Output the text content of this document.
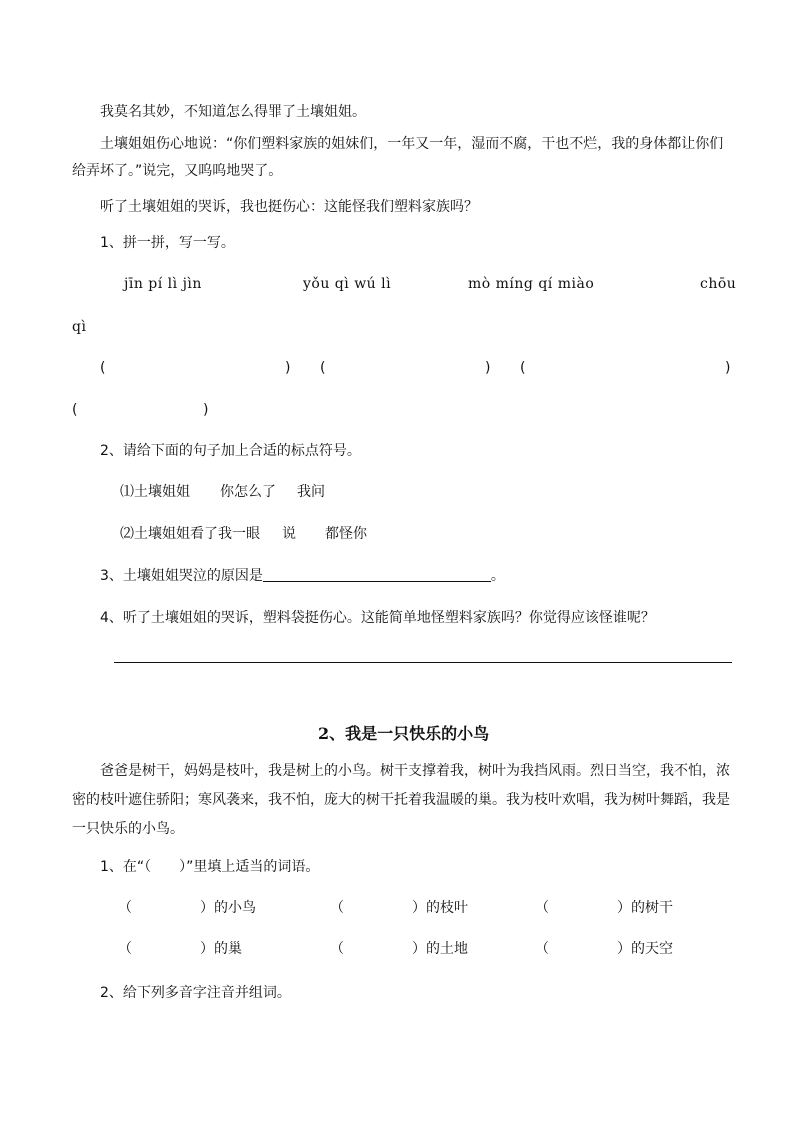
我莫名其妙，不知道怎么得罪了土壤姐姐。
土壤姐姐伤心地说：“你们塑料家族的姐妹们，一年又一年，湿而不腐，干也不烂，我的身体都让你们
给弄坏了。”说完，又呜呜地哭了。
听了土壤姐姐的哭诉，我也挺伤心：这能怪我们塑料家族吗？
1、拼一拼，写一写。
jīn pí lì jìn	yǒu qì wú lì	mò míng qí miào	chōu
qì
(	) (	) (	)
(	)
2、请给下面的句子加上合适的标点符号。
⑴土壤姐姐 你怎么了 我问
⑵土壤姐姐看了我一眼 说 都怪你
3、土壤姐姐哭泣的原因是	。
4、听了土壤姐姐的哭诉，塑料袋挺伤心。这能简单地怪塑料家族吗？你觉得应该怪谁呢？
2、我是一只快乐的小鸟
爸爸是树干，妈妈是枝叶，我是树上的小鸟。树干支撑着我，树叶为我挡风雨。烈日当空，我不怕，浓
密的枝叶遮住骄阳；寒风袭来，我不怕，庞大的树干托着我温暖的巢。我为枝叶欢唱，我为树叶舞蹈，我是
一只快乐的小鸟。
1、在“（　　）”里填上适当的词语。
（	）的小鸟	（	）的枝叶	（	）的树干
（	）的巢	（	）的土地	（	）的天空
2、给下列多音字注音并组词。
